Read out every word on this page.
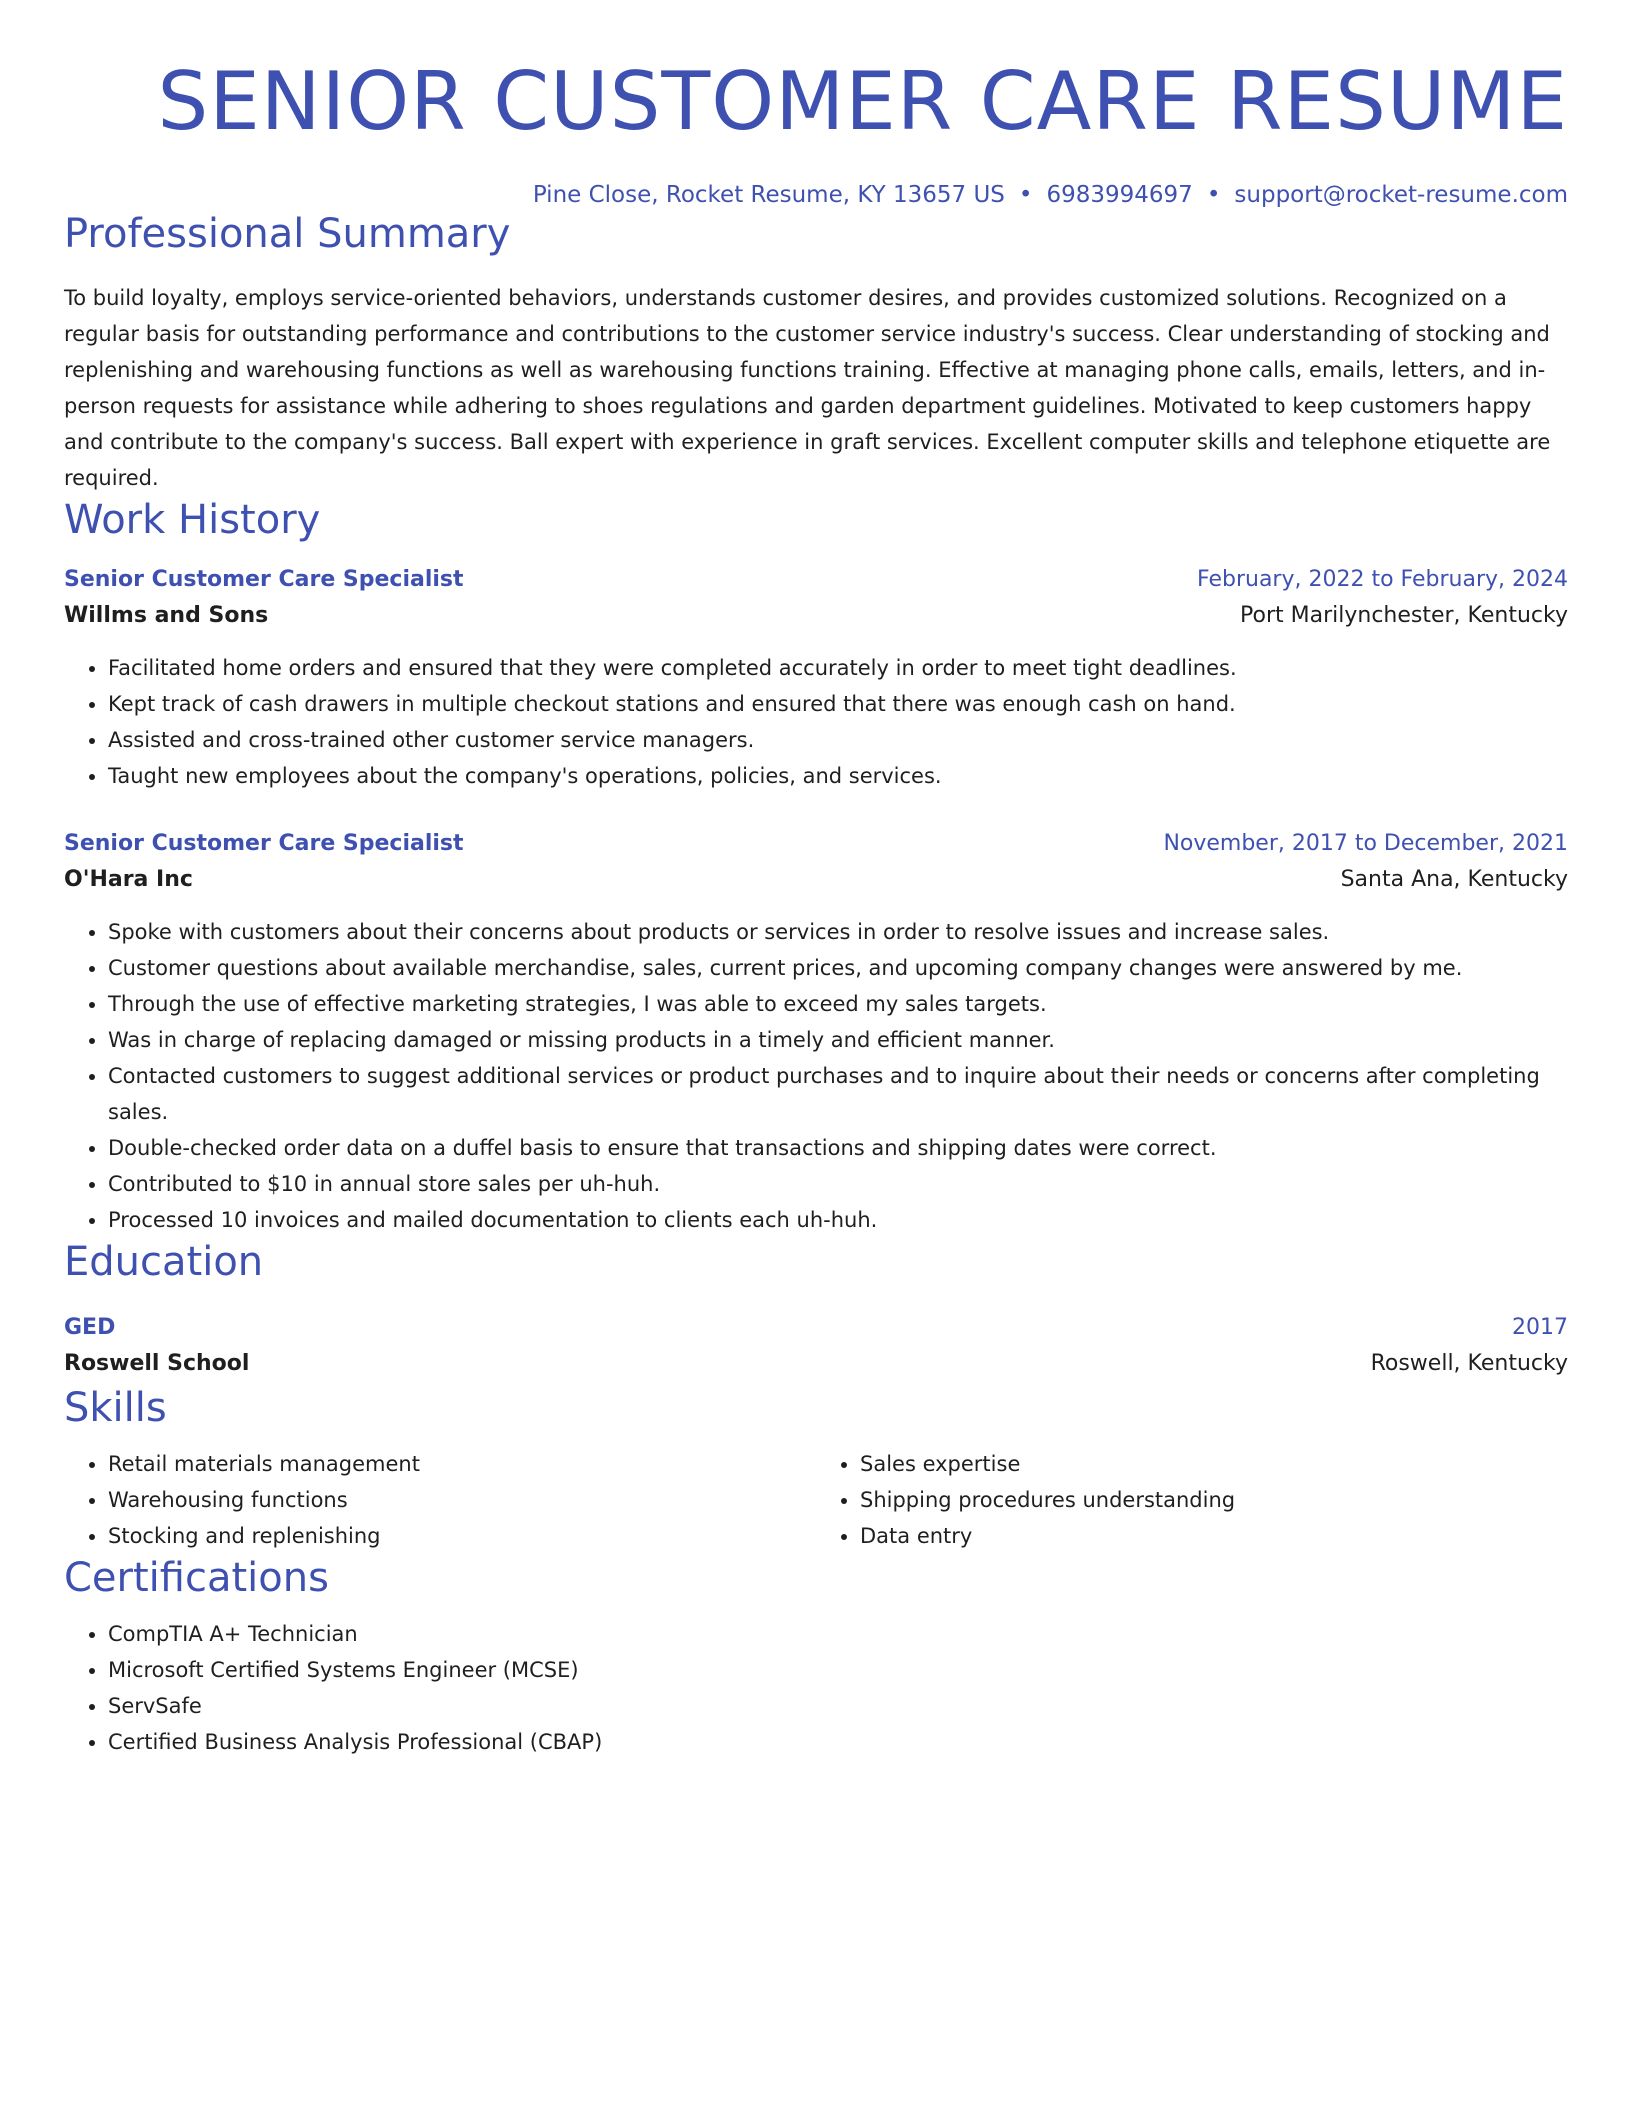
SENIOR CUSTOMER CARE RESUME
Pine Close, Rocket Resume, KY 13657 US • 6983994697 • support@rocket-resume.com
Professional Summary
To build loyalty, employs service-oriented behaviors, understands customer desires, and provides customized solutions. Recognized on a regular basis for outstanding performance and contributions to the customer service industry's success. Clear understanding of stocking and replenishing and warehousing functions as well as warehousing functions training. Effective at managing phone calls, emails, letters, and in-person requests for assistance while adhering to shoes regulations and garden department guidelines. Motivated to keep customers happy and contribute to the company's success. Ball expert with experience in graft services. Excellent computer skills and telephone etiquette are required.
Work History
Senior Customer Care Specialist	February, 2022 to February, 2024
Willms and Sons	Port Marilynchester, Kentucky
• Facilitated home orders and ensured that they were completed accurately in order to meet tight deadlines.
• Kept track of cash drawers in multiple checkout stations and ensured that there was enough cash on hand.
• Assisted and cross-trained other customer service managers.
• Taught new employees about the company's operations, policies, and services.
Senior Customer Care Specialist	November, 2017 to December, 2021
O'Hara Inc	Santa Ana, Kentucky
• Spoke with customers about their concerns about products or services in order to resolve issues and increase sales.
• Customer questions about available merchandise, sales, current prices, and upcoming company changes were answered by me.
• Through the use of effective marketing strategies, I was able to exceed my sales targets.
• Was in charge of replacing damaged or missing products in a timely and efficient manner.
• Contacted customers to suggest additional services or product purchases and to inquire about their needs or concerns after completing sales.
• Double-checked order data on a duffel basis to ensure that transactions and shipping dates were correct.
• Contributed to $10 in annual store sales per uh-huh.
• Processed 10 invoices and mailed documentation to clients each uh-huh.
Education
GED	2017
Roswell School	Roswell, Kentucky
Skills
• Retail materials management
• Warehousing functions
• Stocking and replenishing
• Sales expertise
• Shipping procedures understanding
• Data entry
Certifications
• CompTIA A+ Technician
• Microsoft Certified Systems Engineer (MCSE)
• ServSafe
• Certified Business Analysis Professional (CBAP)
